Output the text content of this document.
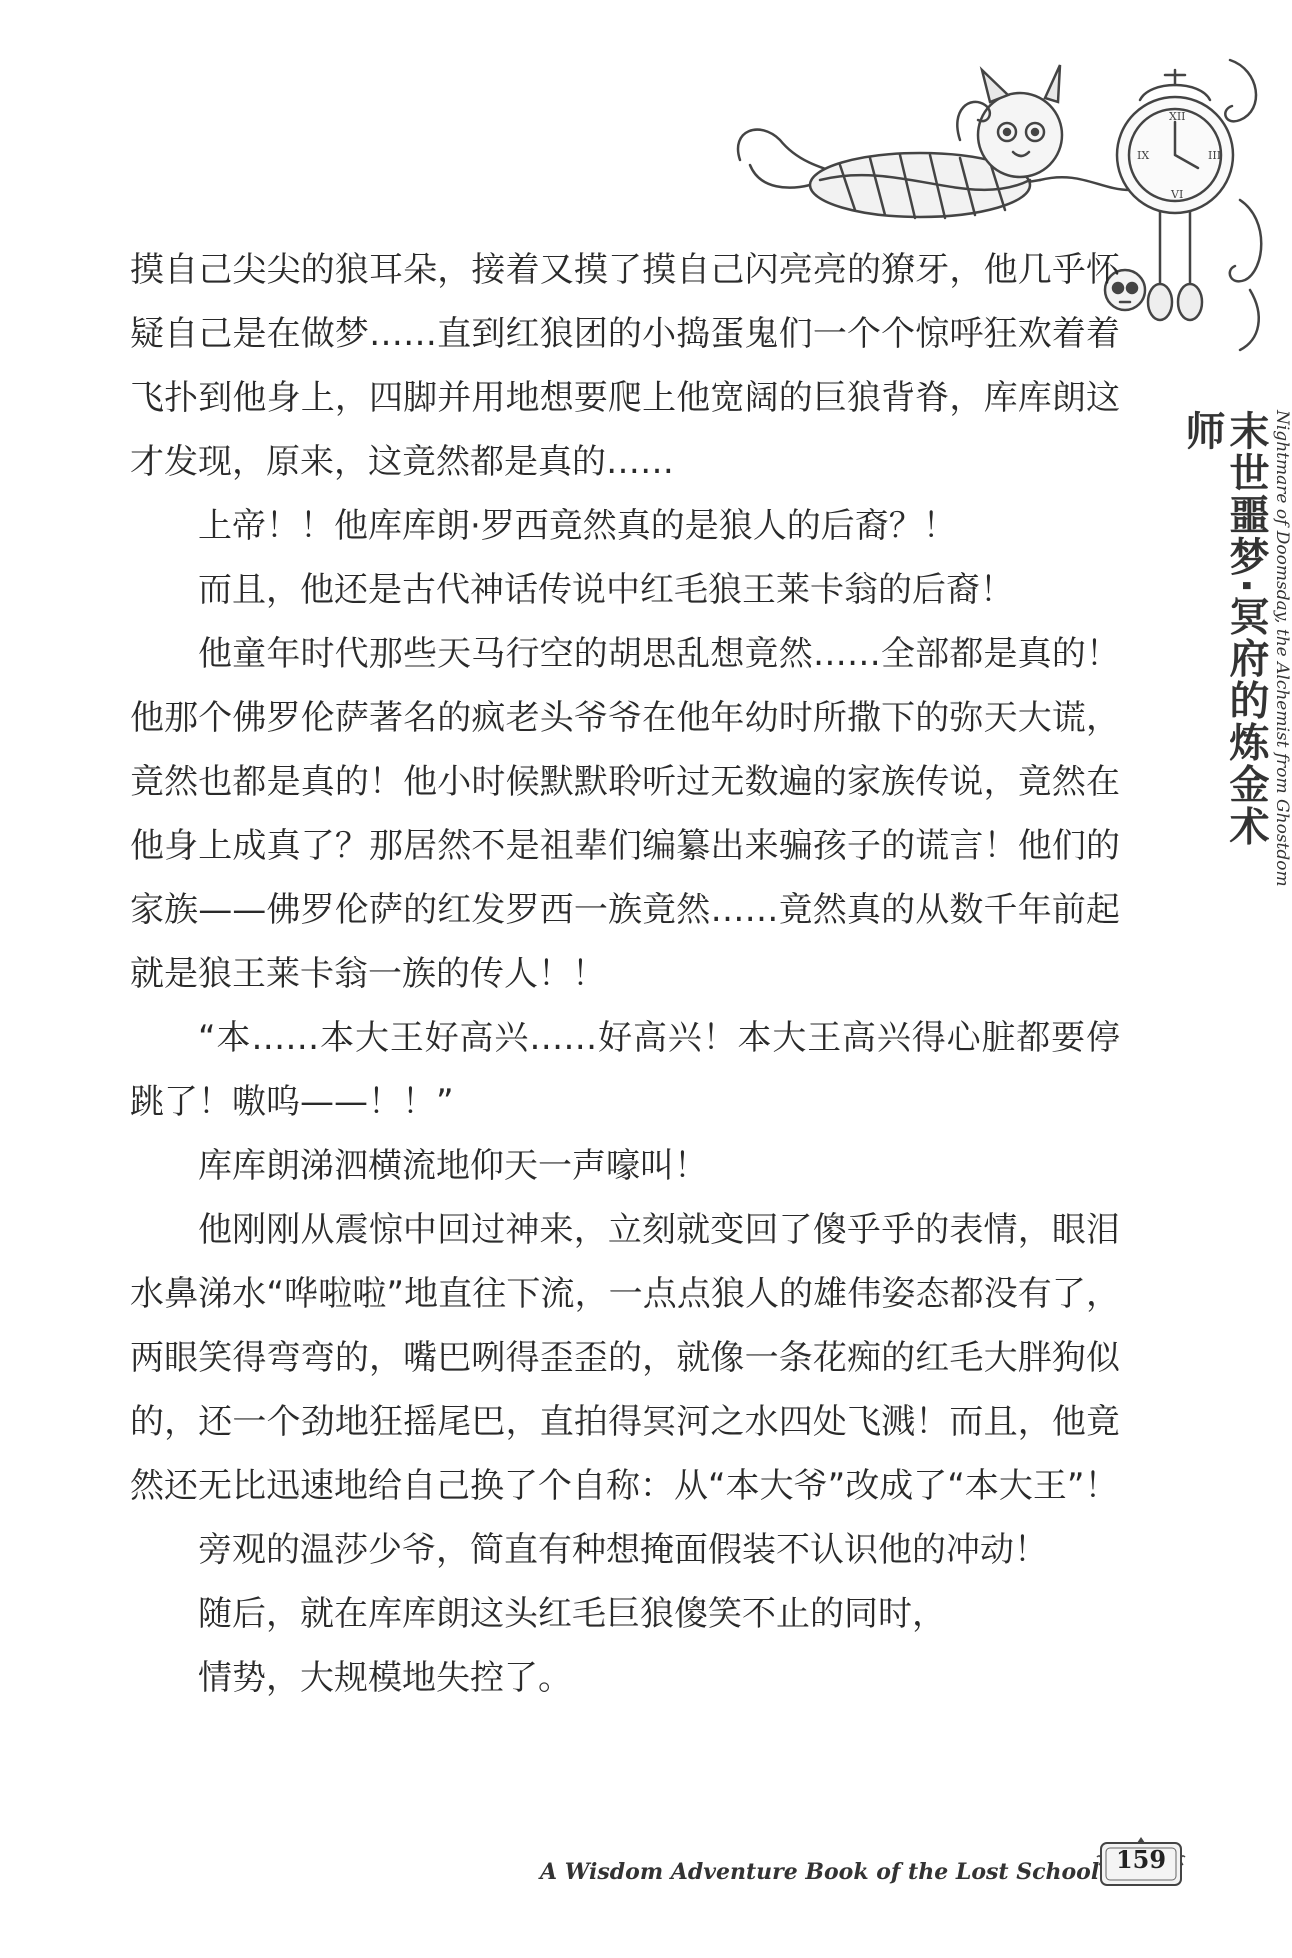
XII
III
VI
IX
末世噩梦·冥府的炼金术师	Nightmare of Doomsday, the Alchemist from Ghostdom

摸自己尖尖的狼耳朵，接着又摸了摸自己闪亮亮的獠牙，他几乎怀疑自己是在做梦……直到红狼团的小捣蛋鬼们一个个惊呼狂欢着着飞扑到他身上，四脚并用地想要爬上他宽阔的巨狼背脊，库库朗这才发现，原来，这竟然都是真的……

上帝！！他库库朗·罗西竟然真的是狼人的后裔？！

而且，他还是古代神话传说中红毛狼王莱卡翁的后裔！

他童年时代那些天马行空的胡思乱想竟然……全部都是真的！他那个佛罗伦萨著名的疯老头爷爷在他年幼时所撒下的弥天大谎，竟然也都是真的！他小时候默默聆听过无数遍的家族传说，竟然在他身上成真了？那居然不是祖辈们编纂出来骗孩子的谎言！他们的家族——佛罗伦萨的红发罗西一族竟然……竟然真的从数千年前起就是狼王莱卡翁一族的传人！！

“本……本大王好高兴……好高兴！本大王高兴得心脏都要停跳了！嗷呜——！！”

库库朗涕泗横流地仰天一声嚎叫！

他刚刚从震惊中回过神来，立刻就变回了傻乎乎的表情，眼泪水鼻涕水“哗啦啦”地直往下流，一点点狼人的雄伟姿态都没有了，两眼笑得弯弯的，嘴巴咧得歪歪的，就像一条花痴的红毛大胖狗似的，还一个劲地狂摇尾巴，直拍得冥河之水四处飞溅！而且，他竟然还无比迅速地给自己换了个自称：从“本大爷”改成了“本大王”！

旁观的温莎少爷，简直有种想掩面假装不认识他的冲动！

随后，就在库库朗这头红毛巨狼傻笑不止的同时，

情势，大规模地失控了。

A Wisdom Adventure Book of the Lost School 159
